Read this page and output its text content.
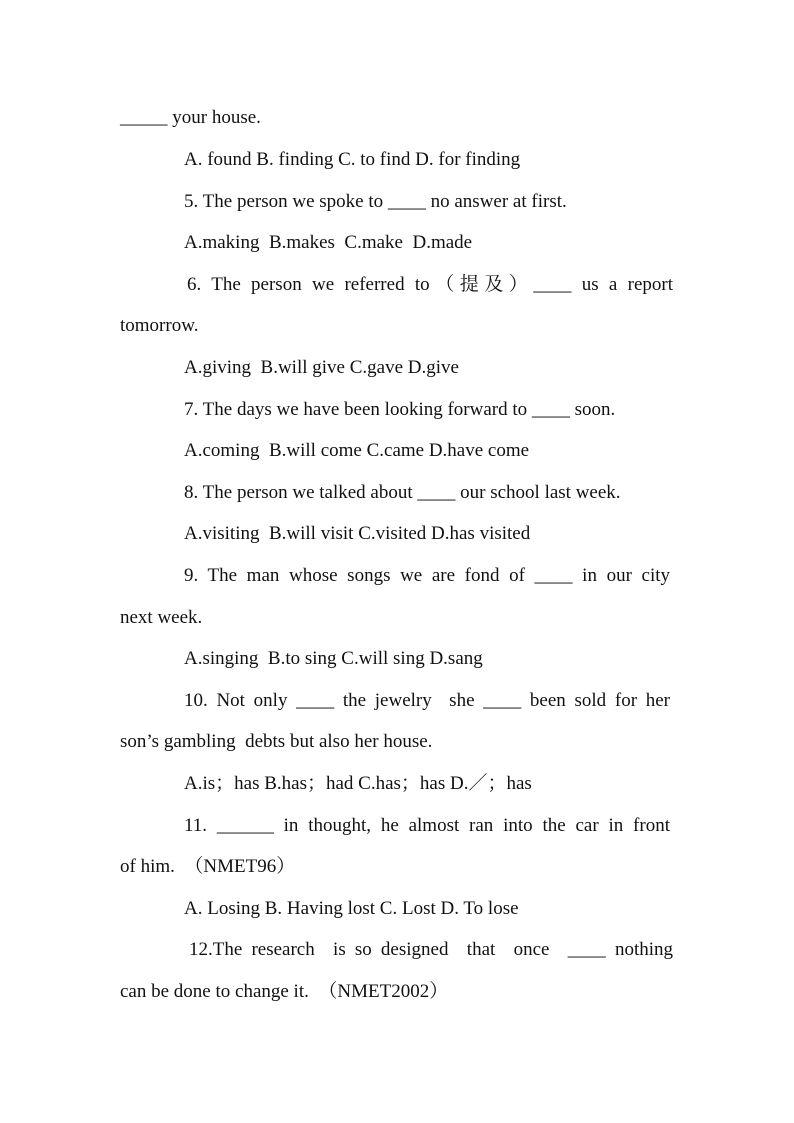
_____ your house.
A. found B. finding C. to find D. for finding
5. The person we spoke to ____ no answer at first.
A.making  B.makes  C.make  D.made
6. The person we referred to（提及）____ us a report
tomorrow.
A.giving  B.will give C.gave D.give
7. The days we have been looking forward to ____ soon.
A.coming  B.will come C.came D.have come
8. The person we talked about ____ our school last week.
A.visiting  B.will visit C.visited D.has visited
9. The man whose songs we are fond of ____ in our city
next week.
A.singing  B.to sing C.will sing D.sang
10. Not only ____ the jewelry  she ____ been sold for her
son’s gambling  debts but also her house.
A.is；has B.has；had C.has；has D.／；has
11. ______ in thought, he almost ran into the car in front
of him.  （NMET96）
A. Losing B. Having lost C. Lost D. To lose
12.The research  is so designed  that  once  ____ nothing
can be done to change it.  （NMET2002）
